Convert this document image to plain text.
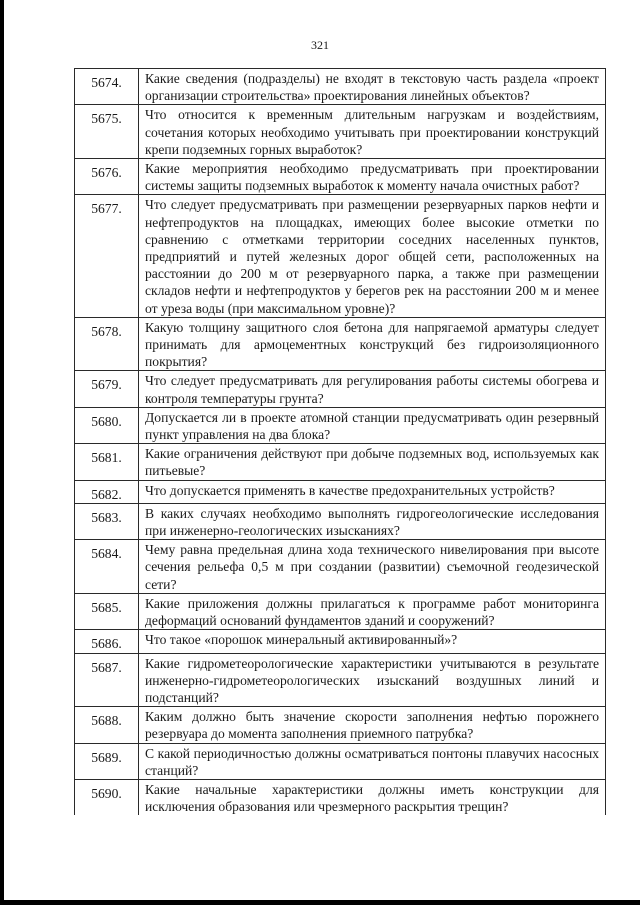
321
5674.	Какие сведения (подразделы) не входят в текстовую часть раздела «проект организации строительства» проектирования линейных объектов?
5675.	Что относится к временным длительным нагрузкам и воздействиям, сочетания которых необходимо учитывать при проектировании конструкций крепи подземных горных выработок?
5676.	Какие мероприятия необходимо предусматривать при проектировании системы защиты подземных выработок к моменту начала очистных работ?
5677.	Что следует предусматривать при размещении резервуарных парков нефти и нефтепродуктов на площадках, имеющих более высокие отметки по сравнению с отметками территории соседних населенных пунктов, предприятий и путей железных дорог общей сети, расположенных на расстоянии до 200 м от резервуарного парка, а также при размещении складов нефти и нефтепродуктов у берегов рек на расстоянии 200 м и менее от уреза воды (при максимальном уровне)?
5678.	Какую толщину защитного слоя бетона для напрягаемой арматуры следует принимать для армоцементных конструкций без гидроизоляционного покрытия?
5679.	Что следует предусматривать для регулирования работы системы обогрева и контроля температуры грунта?
5680.	Допускается ли в проекте атомной станции предусматривать один резервный пункт управления на два блока?
5681.	Какие ограничения действуют при добыче подземных вод, используемых как питьевые?
5682.	Что допускается применять в качестве предохранительных устройств?
5683.	В каких случаях необходимо выполнять гидрогеологические исследования при инженерно-геологических изысканиях?
5684.	Чему равна предельная длина хода технического нивелирования при высоте сечения рельефа 0,5 м при создании (развитии) съемочной геодезической сети?
5685.	Какие приложения должны прилагаться к программе работ мониторинга деформаций оснований фундаментов зданий и сооружений?
5686.	Что такое «порошок минеральный активированный»?
5687.	Какие гидрометеорологические характеристики учитываются в результате инженерно-гидрометеорологических изысканий воздушных линий и подстанций?
5688.	Каким должно быть значение скорости заполнения нефтью порожнего резервуара до момента заполнения приемного патрубка?
5689.	С какой периодичностью должны осматриваться понтоны плавучих насосных станций?
5690.	Какие начальные характеристики должны иметь конструкции для исключения образования или чрезмерного раскрытия трещин?
